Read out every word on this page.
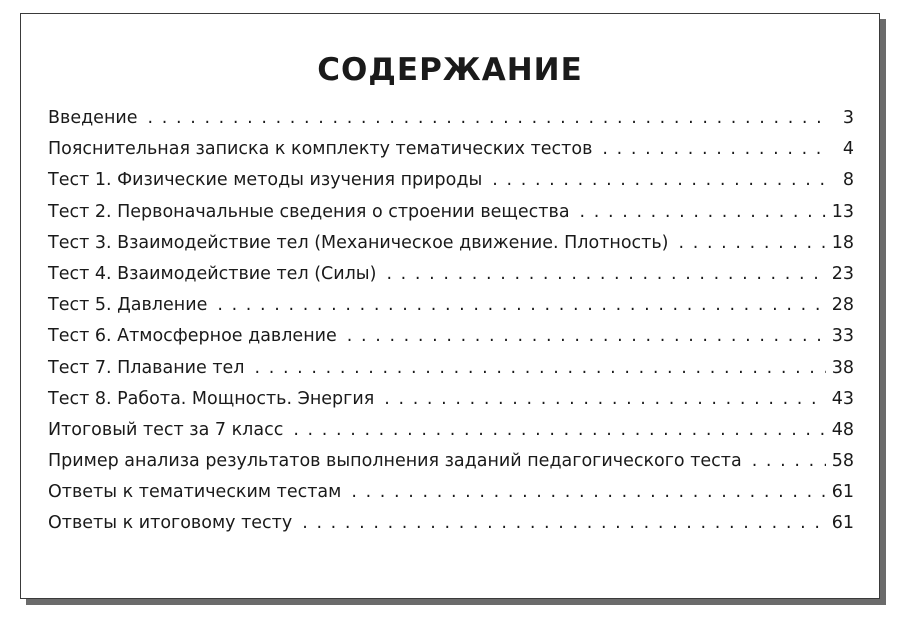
СОДЕРЖАНИЕ
Введение . . .	3
Пояснительная записка к комплекту тематических тестов . . .	4
Тест 1. Физические методы изучения природы . . .	8
Тест 2. Первоначальные сведения о строении вещества . . .	13
Тест 3. Взаимодействие тел (Механическое движение. Плотность) . . .	18
Тест 4. Взаимодействие тел (Силы) . . .	23
Тест 5. Давление . . .	28
Тест 6. Атмосферное давление . . .	33
Тест 7. Плавание тел . . .	38
Тест 8. Работа. Мощность. Энергия . . .	43
Итоговый тест за 7 класс . . .	48
Пример анализа результатов выполнения заданий педагогического теста . . .	58
Ответы к тематическим тестам . . .	61
Ответы к итоговому тесту . . .	61
